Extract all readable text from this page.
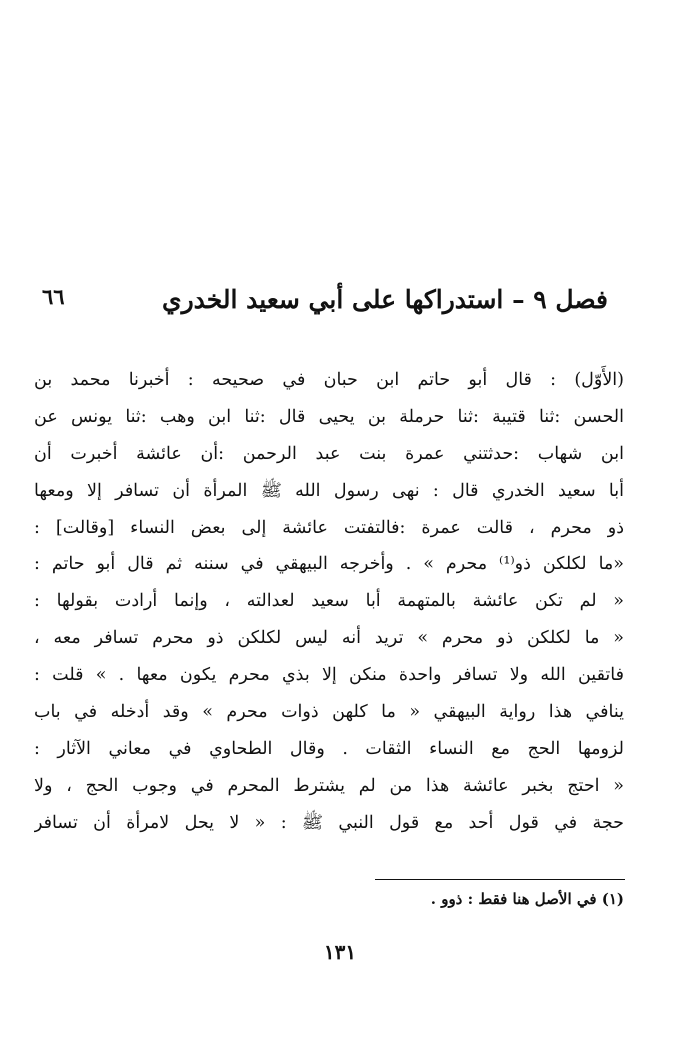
فصل ٩ – استدراكها على أبي سعيد الخدري
٦٦
(الأَوّل) : قال أبو حاتم ابن حبان في صحيحه : أخبرنا محمد بن
الحسن :ثنا قتيبة :ثنا حرملة بن يحيى قال :ثنا ابن وهب :ثنا يونس عن
ابن شهاب :حدثتني عمرة بنت عبد الرحمن :أن عائشة أخبرت أن
أبا سعيد الخدري قال : نهى رسول الله ﷺ المرأة أن تسافر إلا ومعها
ذو محرم ، قالت عمرة :فالتفتت عائشة إلى بعض النساء [وقالت] :
«ما لكلكن ذو⁽¹⁾ محرم » . وأخرجه البيهقي في سننه ثم قال أبو حاتم :
« لم تكن عائشة بالمتهمة أبا سعيد لعدالته ، وإنما أرادت بقولها :
« ما لكلكن ذو محرم » تريد أنه ليس لكلكن ذو محرم تسافر معه ،
فاتقين الله ولا تسافر واحدة منكن إلا بذي محرم يكون معها . » قلت :
ينافي هذا رواية البيهقي « ما كلهن ذوات محرم » وقد أدخله في باب
لزومها الحج مع النساء الثقات . وقال الطحاوي في معاني الآثار :
« احتج بخبر عائشة هذا من لم يشترط المحرم في وجوب الحج ، ولا
حجة في قول أحد مع قول النبي ﷺ : « لا يحل لامرأة أن تسافر
(١) في الأصل هنا فقط : ذوو .
١٣١
